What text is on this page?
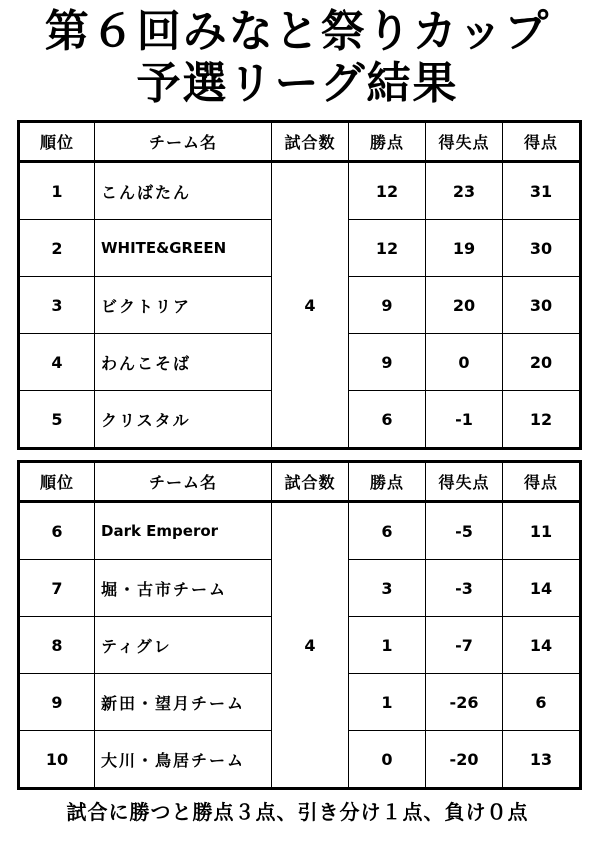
第６回みなと祭りカップ
予選リーグ結果
順位	チーム名	試合数	勝点	得失点	得点
1	こんばたん	4	12	23	31
2	WHITE&GREEN		12	19	30
3	ビクトリア		9	20	30
4	わんこそば		9	0	20
5	クリスタル		6	-1	12
順位	チーム名	試合数	勝点	得失点	得点
6	Dark Emperor	4	6	-5	11
7	堀・古市チーム		3	-3	14
8	ティグレ		1	-7	14
9	新田・望月チーム		1	-26	6
10	大川・鳥居チーム		0	-20	13
試合に勝つと勝点３点、引き分け１点、負け０点
